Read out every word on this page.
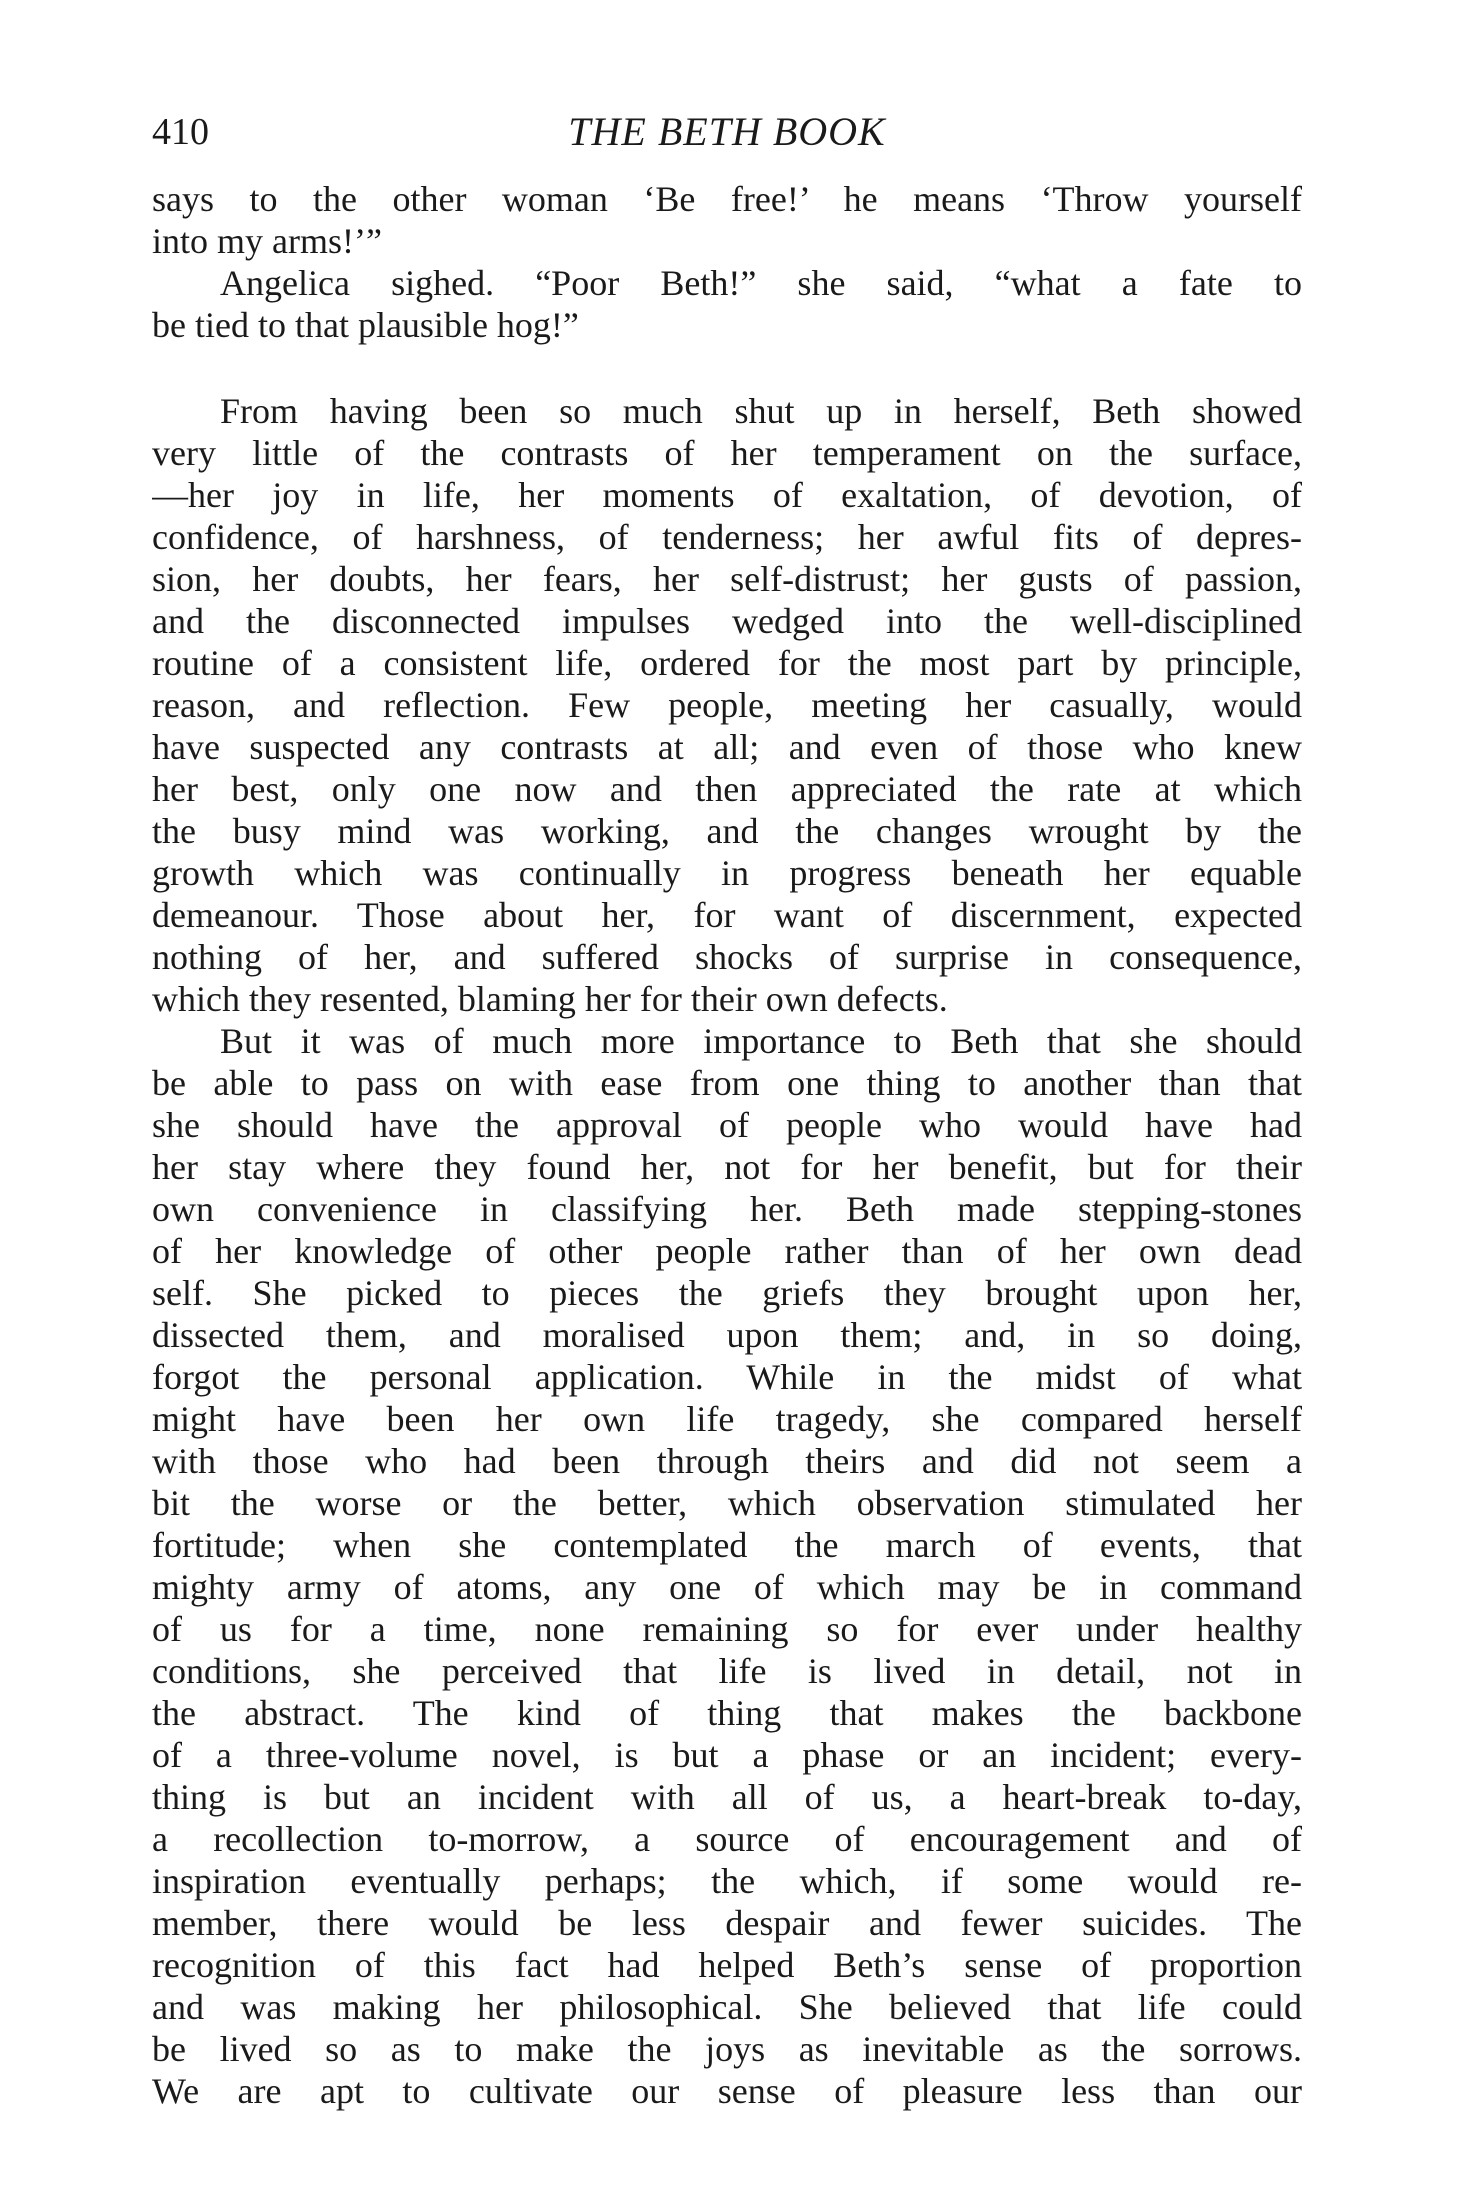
410	THE BETH BOOK
says to the other woman ‘Be free!’ he means ‘Throw yourself
into my arms!’”
Angelica sighed. “Poor Beth!” she said, “what a fate to
be tied to that plausible hog!”
From having been so much shut up in herself, Beth showed
very little of the contrasts of her temperament on the surface,
—her joy in life, her moments of exaltation, of devotion, of
confidence, of harshness, of tenderness; her awful fits of depres-
sion, her doubts, her fears, her self-distrust; her gusts of passion,
and the disconnected impulses wedged into the well-disciplined
routine of a consistent life, ordered for the most part by principle,
reason, and reflection. Few people, meeting her casually, would
have suspected any contrasts at all; and even of those who knew
her best, only one now and then appreciated the rate at which
the busy mind was working, and the changes wrought by the
growth which was continually in progress beneath her equable
demeanour. Those about her, for want of discernment, expected
nothing of her, and suffered shocks of surprise in consequence,
which they resented, blaming her for their own defects.
But it was of much more importance to Beth that she should
be able to pass on with ease from one thing to another than that
she should have the approval of people who would have had
her stay where they found her, not for her benefit, but for their
own convenience in classifying her. Beth made stepping-stones
of her knowledge of other people rather than of her own dead
self. She picked to pieces the griefs they brought upon her,
dissected them, and moralised upon them; and, in so doing,
forgot the personal application. While in the midst of what
might have been her own life tragedy, she compared herself
with those who had been through theirs and did not seem a
bit the worse or the better, which observation stimulated her
fortitude; when she contemplated the march of events, that
mighty army of atoms, any one of which may be in command
of us for a time, none remaining so for ever under healthy
conditions, she perceived that life is lived in detail, not in
the abstract. The kind of thing that makes the backbone
of a three-volume novel, is but a phase or an incident; every-
thing is but an incident with all of us, a heart-break to-day,
a recollection to-morrow, a source of encouragement and of
inspiration eventually perhaps; the which, if some would re-
member, there would be less despair and fewer suicides. The
recognition of this fact had helped Beth’s sense of proportion
and was making her philosophical. She believed that life could
be lived so as to make the joys as inevitable as the sorrows.
We are apt to cultivate our sense of pleasure less than our
